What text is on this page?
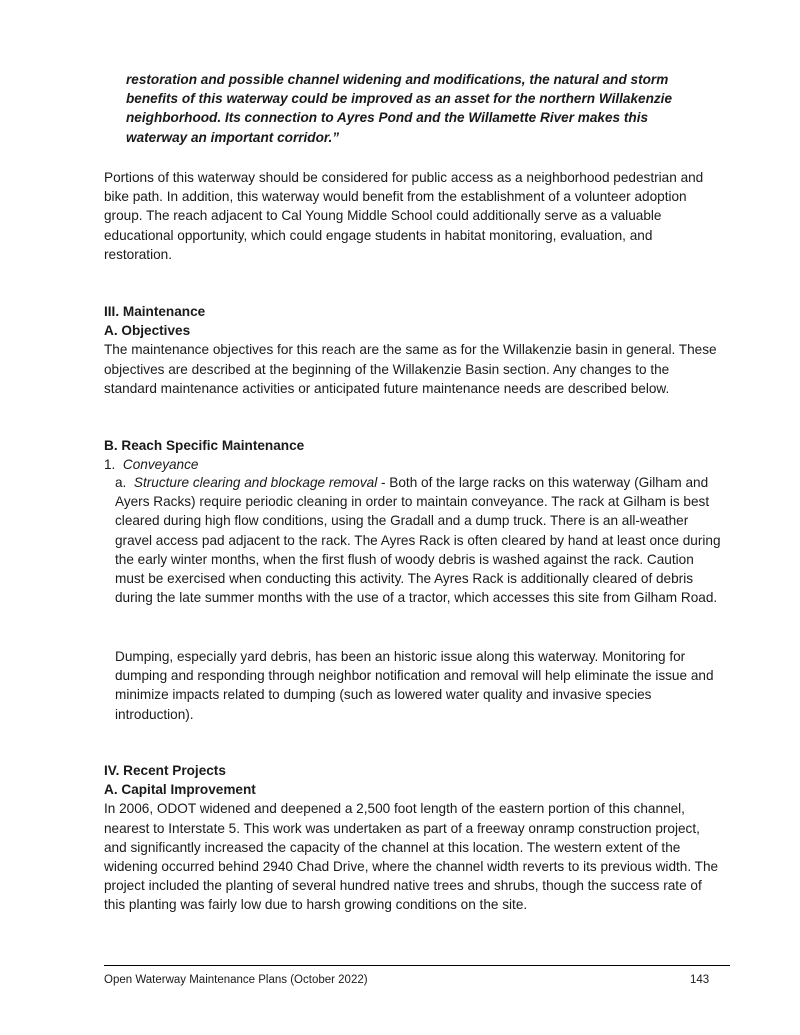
restoration and possible channel widening and modifications, the natural and storm benefits of this waterway could be improved as an asset for the northern Willakenzie neighborhood. Its connection to Ayres Pond and the Willamette River makes this waterway an important corridor.”

Portions of this waterway should be considered for public access as a neighborhood pedestrian and bike path. In addition, this waterway would benefit from the establishment of a volunteer adoption group. The reach adjacent to Cal Young Middle School could additionally serve as a valuable educational opportunity, which could engage students in habitat monitoring, evaluation, and restoration.

III. Maintenance
A. Objectives
The maintenance objectives for this reach are the same as for the Willakenzie basin in general. These objectives are described at the beginning of the Willakenzie Basin section. Any changes to the standard maintenance activities or anticipated future maintenance needs are described below.
B. Reach Specific Maintenance
1. Conveyance

a. Structure clearing and blockage removal - Both of the large racks on this waterway (Gilham and Ayers Racks) require periodic cleaning in order to maintain conveyance. The rack at Gilham is best cleared during high flow conditions, using the Gradall and a dump truck. There is an all-weather gravel access pad adjacent to the rack. The Ayres Rack is often cleared by hand at least once during the early winter months, when the first flush of woody debris is washed against the rack. Caution must be exercised when conducting this activity. The Ayres Rack is additionally cleared of debris during the late summer months with the use of a tractor, which accesses this site from Gilham Road.

Dumping, especially yard debris, has been an historic issue along this waterway. Monitoring for dumping and responding through neighbor notification and removal will help eliminate the issue and minimize impacts related to dumping (such as lowered water quality and invasive species introduction).

IV. Recent Projects
A. Capital Improvement
In 2006, ODOT widened and deepened a 2,500 foot length of the eastern portion of this channel, nearest to Interstate 5. This work was undertaken as part of a freeway onramp construction project, and significantly increased the capacity of the channel at this location. The western extent of the widening occurred behind 2940 Chad Drive, where the channel width reverts to its previous width. The project included the planting of several hundred native trees and shrubs, though the success rate of this planting was fairly low due to harsh growing conditions on the site.
Open Waterway Maintenance Plans (October 2022)	143
